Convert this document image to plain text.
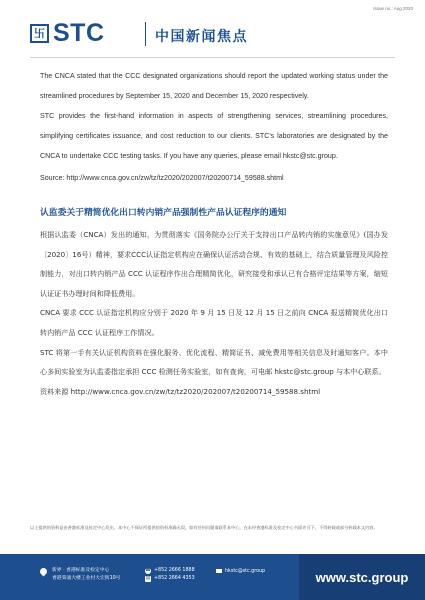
Issue no.: Aug 2020
卐 STC	中国新闻焦点

The CNCA stated that the CCC designated organizations should report the updated working status under the streamlined procedures by September 15, 2020 and December 15, 2020 respectively.

STC provides the first-hand information in aspects of strengthening services, streamlining procedures, simplifying certificates issuance, and cost reduction to our clients. STC's laboratories are designated by the CNCA to undertake CCC testing tasks. If you have any queries, please email hkstc@stc.group.

Source: http://www.cnca.gov.cn/zw/tz/tz2020/202007/t20200714_59588.shtml

认监委关于精简优化出口转内销产品强制性产品认证程序的通知

根据认监委（CNCA）发出的通知，为贯彻落实《国务院办公厅关于支持出口产品转内销的实施意见》(国办发〔2020〕16号）精神，要求CCC认证指定机构应在确保认证活动合规、有效的基础上，结合质量管理及风险控制能力，对出口转内销产品 CCC 认证程序作出合理精简优化，研究接受和承认已有合格评定结果等方案，缩短认证证书办理时间和降低费用。

CNCA 要求 CCC 认证指定机构应分别于 2020 年 9 月 15 日及 12 月 15 日之前向 CNCA 报送精简优化出口转内销产品 CCC 认证程序工作情况。

STC 将第一手有关认证机构资料在强化服务、优化流程、精简证书、减免费用等相关信息及时通知客户。本中心多间实验室为认监委指定承担 CCC 检测任务实验室，如有查询，可电邮 hkstc@stc.group 与本中心联系。

资料来源 http://www.cnca.gov.cn/zw/tz/tz2020/202007/t20200714_59588.shtml

以上提供的资料是由香港标准及检定中心发出，本中心不保证所提供的资料准确无误。如有任何问题请联系本中心，在未经香港标准及检定中心书面许可下，不得转载或部分转载本文内容。
新界 · 香港标准及检定中心
香港葵涌大楼工业村大宏街10号
☎ +852 2666 1888
▤ +852 2664 4353
hkstc@stc.group	www.stc.group
